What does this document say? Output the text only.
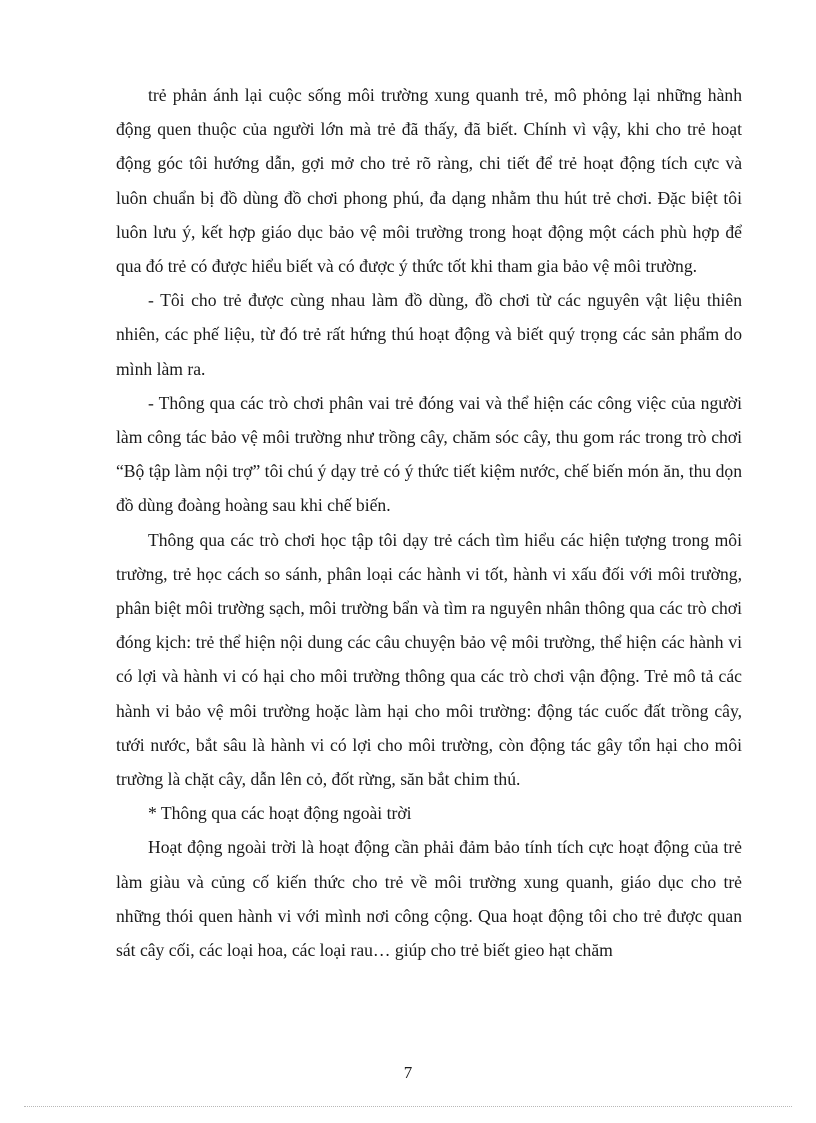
trẻ phản ánh lại cuộc sống môi trường xung quanh trẻ, mô phỏng lại những hành động quen thuộc của người lớn mà trẻ đã thấy, đã biết. Chính vì vậy, khi cho trẻ hoạt động góc tôi hướng dẫn, gợi mở cho trẻ rõ ràng, chi tiết để trẻ hoạt động tích cực và luôn chuẩn bị đồ dùng đồ chơi phong phú, đa dạng nhằm thu hút trẻ chơi. Đặc biệt tôi luôn lưu ý, kết hợp giáo dục bảo vệ môi trường trong hoạt động một cách phù hợp để qua đó trẻ có được hiểu biết và có được ý thức tốt khi tham gia bảo vệ môi trường.

- Tôi cho trẻ được cùng nhau làm đồ dùng, đồ chơi từ các nguyên vật liệu thiên nhiên, các phế liệu, từ đó trẻ rất hứng thú hoạt động và biết quý trọng các sản phẩm do mình làm ra.

- Thông qua các trò chơi phân vai trẻ đóng vai và thể hiện các công việc của người làm công tác bảo vệ môi trường như trồng cây, chăm sóc cây, thu gom rác trong trò chơi “Bộ tập làm nội trợ” tôi chú ý dạy trẻ có ý thức tiết kiệm nước, chế biến món ăn, thu dọn đồ dùng đoàng hoàng sau khi chế biến.

Thông qua các trò chơi học tập tôi dạy trẻ cách tìm hiểu các hiện tượng trong môi trường, trẻ học cách so sánh, phân loại các hành vi tốt, hành vi xấu đối với môi trường, phân biệt môi trường sạch, môi trường bẩn và tìm ra nguyên nhân thông qua các trò chơi đóng kịch: trẻ thể hiện nội dung các câu chuyện bảo vệ môi trường, thể hiện các hành vi có lợi và hành vi có hại cho môi trường thông qua các trò chơi vận động. Trẻ mô tả các hành vi bảo vệ môi trường hoặc làm hại cho môi trường: động tác cuốc đất trồng cây, tưới nước, bắt sâu là hành vi có lợi cho môi trường, còn động tác gây tổn hại cho môi trường là chặt cây, dẫn lên cỏ, đốt rừng, săn bắt chim thú.

* Thông qua các hoạt động ngoài trời

Hoạt động ngoài trời là hoạt động cần phải đảm bảo tính tích cực hoạt động của trẻ làm giàu và củng cố kiến thức cho trẻ về môi trường xung quanh, giáo dục cho trẻ những thói quen hành vi với mình nơi công cộng. Qua hoạt động tôi cho trẻ được quan sát cây cối, các loại hoa, các loại rau… giúp cho trẻ biết gieo hạt chăm

7
